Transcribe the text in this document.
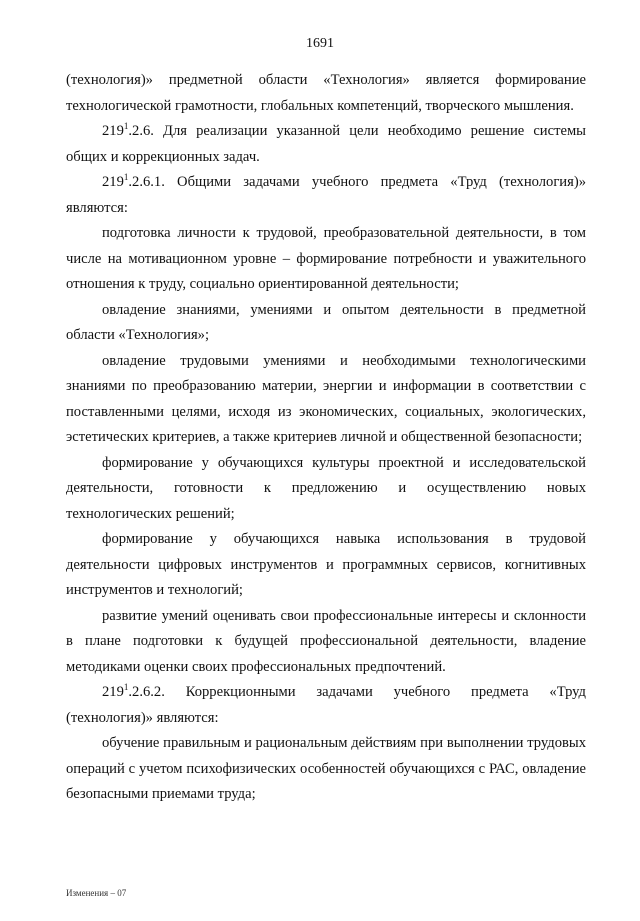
1691

(технология)» предметной области «Технология» является формирование технологической грамотности, глобальных компетенций, творческого мышления.

$219^1.2.6$. Для реализации указанной цели необходимо решение системы общих и коррекционных задач.

$219^1.2.6.1$. Общими задачами учебного предмета «Труд (технология)» являются:

подготовка личности к трудовой, преобразовательной деятельности, в том числе на мотивационном уровне – формирование потребности и уважительного отношения к труду, социально ориентированной деятельности;

овладение знаниями, умениями и опытом деятельности в предметной области «Технология»;

овладение трудовыми умениями и необходимыми технологическими знаниями по преобразованию материи, энергии и информации в соответствии с поставленными целями, исходя из экономических, социальных, экологических, эстетических критериев, а также критериев личной и общественной безопасности;

формирование у обучающихся культуры проектной и исследовательской деятельности, готовности к предложению и осуществлению новых технологических решений;

формирование у обучающихся навыка использования в трудовой деятельности цифровых инструментов и программных сервисов, когнитивных инструментов и технологий;

развитие умений оценивать свои профессиональные интересы и склонности в плане подготовки к будущей профессиональной деятельности, владение методиками оценки своих профессиональных предпочтений.

$219^1.2.6.2$. Коррекционными задачами учебного предмета «Труд (технология)» являются:

обучение правильным и рациональным действиям при выполнении трудовых операций с учетом психофизических особенностей обучающихся с РАС, овладение безопасными приемами труда;

Изменения – 07
